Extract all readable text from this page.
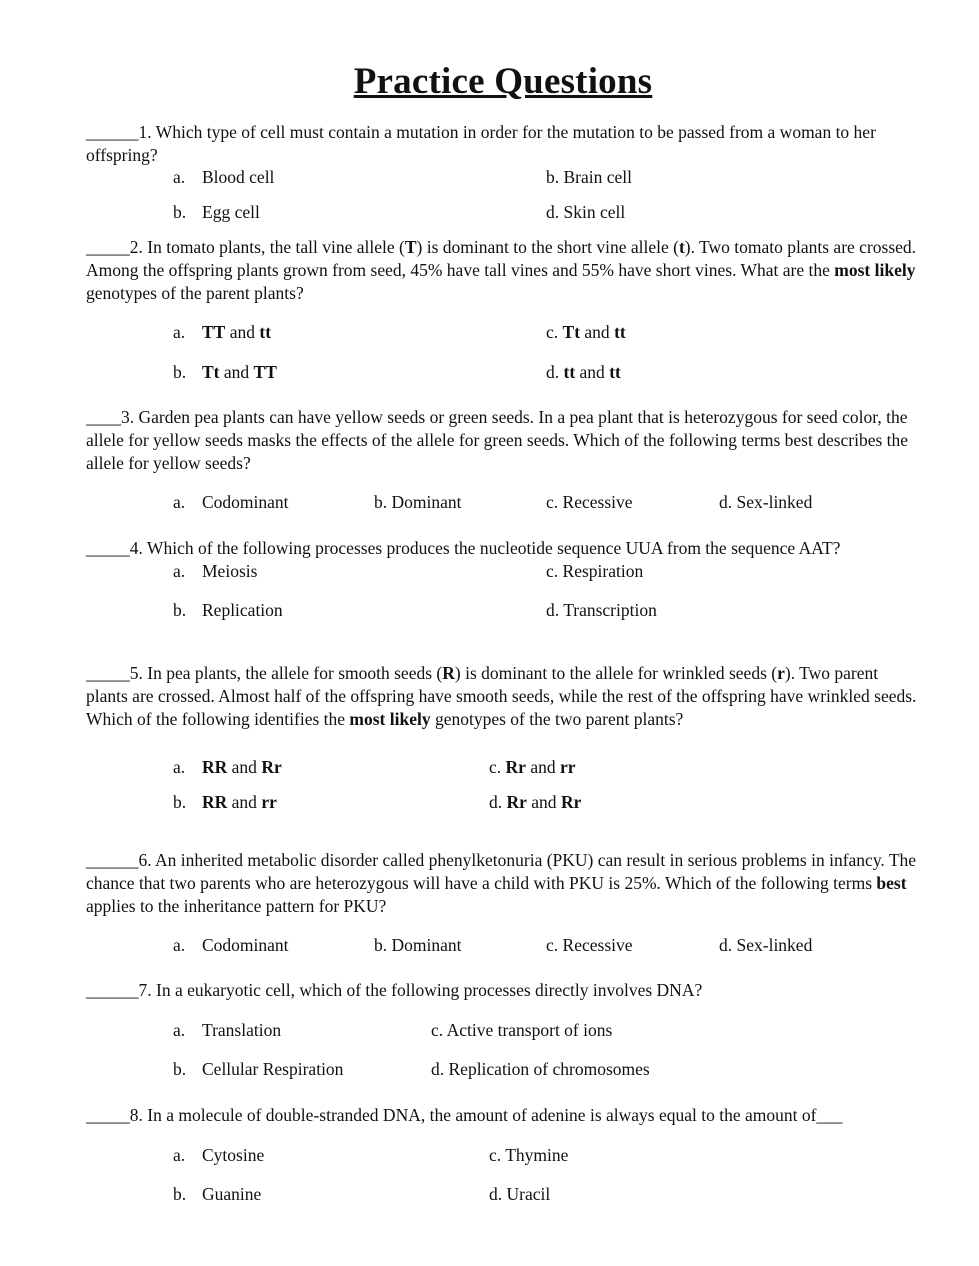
Practice Questions
______1. Which type of cell must contain a mutation in order for the mutation to be passed from a woman to her offspring?
a. Blood cell	b. Brain cell
b. Egg cell	d. Skin cell
_____2. In tomato plants, the tall vine allele (T) is dominant to the short vine allele (t). Two tomato plants are crossed. Among the offspring plants grown from seed, 45% have tall vines and 55% have short vines. What are the most likely genotypes of the parent plants?
a. TT and tt	c. Tt and tt
b. Tt and TT	d. tt and tt
____3. Garden pea plants can have yellow seeds or green seeds. In a pea plant that is heterozygous for seed color, the allele for yellow seeds masks the effects of the allele for green seeds. Which of the following terms best describes the allele for yellow seeds?
a. Codominant	b. Dominant	c. Recessive	d. Sex-linked
_____4. Which of the following processes produces the nucleotide sequence UUA from the sequence AAT?
a. Meiosis	c. Respiration
b. Replication	d. Transcription
_____5. In pea plants, the allele for smooth seeds (R) is dominant to the allele for wrinkled seeds (r). Two parent plants are crossed. Almost half of the offspring have smooth seeds, while the rest of the offspring have wrinkled seeds.
Which of the following identifies the most likely genotypes of the two parent plants?
a. RR and Rr	c. Rr and rr
b. RR and rr	d. Rr and Rr
______6. An inherited metabolic disorder called phenylketonuria (PKU) can result in serious problems in infancy. The chance that two parents who are heterozygous will have a child with PKU is 25%. Which of the following terms best applies to the inheritance pattern for PKU?
a. Codominant	b. Dominant	c. Recessive	d. Sex-linked
______7. In a eukaryotic cell, which of the following processes directly involves DNA?
a. Translation	c. Active transport of ions
b. Cellular Respiration	d. Replication of chromosomes
_____8. In a molecule of double-stranded DNA, the amount of adenine is always equal to the amount of___
a. Cytosine	c. Thymine
b. Guanine	d. Uracil
